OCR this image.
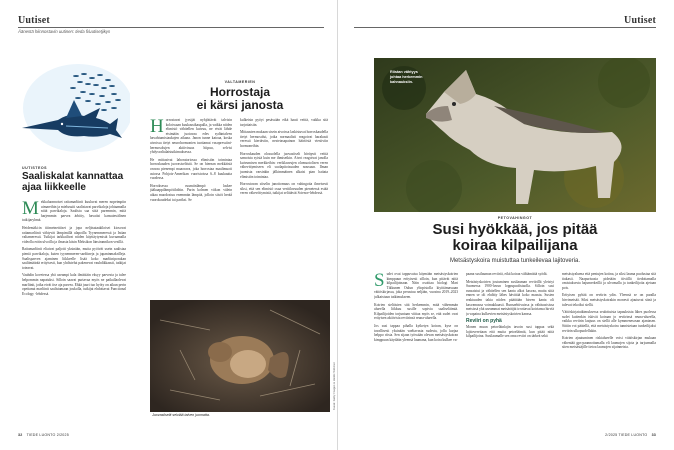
Uutiset
Äänestä hiinnostavin uutinen: tieda fi/uutisetjikys
UUTISTEOS
Saaliskalat kannattaa
ajaa liikkeelle
M ekkaluonnoiset raitamarliinit kuuluvat meren nopeimpiin uimareihin ja mielusuiti saalistavat parvikaloja johtaamalla niitä parvikaloja. Saalista saa siitä paremmin, mitä harjemmin parvea ärhitty, havaitsi kansainvälinen tutkijaryhmä.

Heidemäki:in tiiimeinettiiset ja jopa neljäsataakiloiset kiosovat raitamarliinit vähtyvät lämpimillä ulapoilla Tyynemmeressä ja Intian valtameressä. Tutkijat tarkkailivat niiden käyttäytymistä kuvaamalla videolla eräin ulvoilla ja ilmasta käsin Meksikon länsirannikon vesillä.

Raitamarliinit eliaivat paljotti yksinään, mutta pyöivät usein saalistaa pieniä parvikaloja, kuten tyynenmeren-sardiineja ja japaninmakrilleja. Saalisparven ajaminen liikkeelle lisää koko marliiniporukan saaliimäärää erityisesti, kun yhdistelut pakenevat vauhdikkaasti, tutkijat toteavat.

Vauhdin kovetessa yhä useampi kala ilmitttäin eksyy parvesta ja tulee helpommin napatuksi. Silloin saavat purtavaa myös ne paikallaolevat marliinit, jotka eivät itse aja parvea. Ehkä juuri tuo hyöty on aikun perin opettanut marliinit saalistamaan joukolla, tutkijat ehdottavat Functional Ecology -lehdessä.

VALTAMERIEN
Horrostaja
ei kärsi janosta
H orrostavat jyrsijät nyhjöttävät talvisin koloissaan kuukausikaupalla, ja vaikka niiden elimistö vähitellen kuivuu, ne eivät lähde etsimään juotavaa edes sydäntalven havahtumistaukojen aikana. Janon tunne katoaa, koska aivoissa tietyt neurohormonien tuottamat vasopressiini-hermosolujen aktiivisuus hiipuu, selvisi yhdysvaltalaistutkimuksessa.

He mittasivat laboratoriossa elimistön toimintaa horroskauden juovasiselitstä. Se on hiernan mekkäistä oravaa pienempi maaorava, joka horrostaa maalimuoti asiossa Pohjois-Amerikan vuoristoissa 6–8 kuukautta vuodessa.

Horroksessa ruumiinlämpö laskee jääkaappilämpötiloihin. Parin kolmen viikon välein aikaa muodostuu enemmän lämpöä, jolloin siisöt heräå vuorokaudeksi tai pariksi. Se

kulkeisin pyöyt pesässään eikä hauti veittä, vaikka sitä tarjottaisiin.

Mittausten mukaan sisein aivoissa laskistuvat horroskaudella tietyt hermosolut, jotka normaalisti reagoivat harakasti veressä kiertäviin, nestetasapainon häiriöstä viestiviin hormoneihin.

Horroskauden olosuolella juovasiiselt höröpvit veittä samoista syistä kuin me ihmisetkin. Aivot reagoivat janolla kuivumisen merkkeihin: veriklauvujen olomuotolisen veren vähevittymiseen eli suolapitoisuuden nousuun. Ilman juomista varsinkin jälkimmäinen alkaisi pian haitata elimistön toimintaa.

Horrostavan siiselin janottomuus on vahingoita ilmeisesti siksi, että sen elimistö osaa veritilavuuden pienetessä estää veren väkevöitymistä, tutkijat selittävät Science-lehdessä.

Juovasiiselit selviää talven juomatta.
Kuvat: Getty Images & Heikki Tokkinen
32 TIEDE LUONTO 2/2025
Uutiset
Riistan vähtyys
johtaa herkemmin
kahnauksiin.
PETOVAHINGOT
Susi hyökkää, jos pitää
koiraa kilpailijana
Metsästyskoira muistuttaa tunkeilevaa lajitoveria.
S udet ovat tappuvaisa käymään metsästyskoirien kimppuun erityisesti silloin, kun pitävät niitä kilpailijoinaan. Näin osoittaa biologi Mari Tikkunen Oulun yliopistolla kiyittämassaan väitöskirjassa, joka perustuu neljään, vuosina 2019–2023 julkaistuun tutkimukseen.

Koirien sieltäsien sitä herkemmin, mitä vähemmän alueella liikkuu susille sopivia saaliseläimiä. Kilpailijoiden torjuntaan viittaa myös se, että sudet ovat erityisen aktiivisia reviirinsä reuna-alueella.

Jos susi tappaa pihalla kytketyn koiran, kyse on tavallisesti yksinään vaeltavasta sudesta, jolla karjaa helppo riista. Sen sijaan työssään olevan metsästyskoiran kimppuun käydään yleensä laumana, kun koira kulkee va-

paana susilauman reviiriä, eikä koiraa välttämättä syödä.

Metsästyskoirien joutuminen susilauman reviirillä yleistyi Suomessa 1900-luvun loppupuolistaolla. Silloin susi runsaistui ja vähitellen sen kanta alkoi kasvaa, mutta siitä ennen se oli ehditty lähes hävittää koko maasta. Susien reaktuuden takia niiden päätitään hirven kanta oli kasvamassa voimakkaasti. Runsaehtivuissa ja vähäsusisissa metsissä yhä useammat metsäräijät irrottavat koiriansa hirviä ja vapaina kulkevien metsästyskoirien kanssa.

Reviiri on pyhä

Monen muun petoeläinlajin tavoin susi tappaa sekä lajitovereitaan että muita petoeläimiä, kun pitää niitä kilpailijoina. Susilaumalle sen oma reviiri on tärkeä sekä

metsästyaluena että pentujen kotina, ja siksi lauma puolustaa sitä tiukasti. Naapurisusia pidetään tiiviillä tiedottamalla omistuksesta hajumerkeillä ja ulvomalla ja tunkeilijoita ajetaan pois.

Erityisen pyhää on reviirin ydin. Yleensä se on paralla hirvimetsää. Siksi metsästyskoirakin monesti ajautuvat siinä ja tulevat tekoiksi siellä.

Väitöskirjatutkimuksessa seulottuista tapauksista lähes puolessa sudet kuitenkin iskivät koiraan jo reviirinsä reuna-alueella, vaikka reviirin laajuus on siellä alle kymmenesosan ajantasen. Sittiin voi päätellä, että metsästyskoira tunnistetaan tunkeilijaksi reviirin ulkopuolellakin.

Koirien ajautuminen riskialueelle voisi väitöskirjan mukaan vähentää gps-paannottamalla eli laumojen sijoia ja tarjoamalla siten metsästäjille tietoa laumojen sijainneista.

2/2025 TIEDE LUONTO 33
